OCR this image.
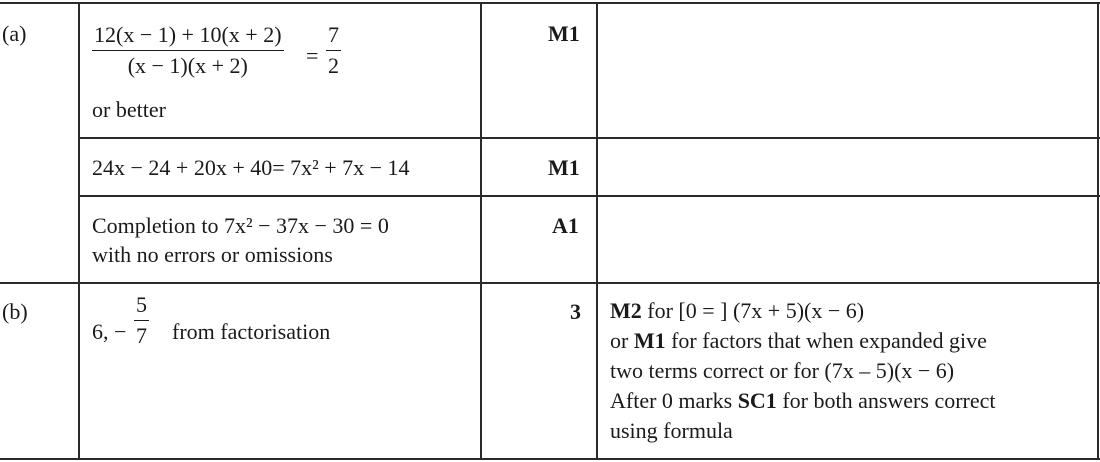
(a)	$\frac{12(x - 1) + 10(x + 2)}{(x - 1)(x + 2)} = \frac{7}{2}$
or better
M1
24x − 24 + 20x + 40= 7x² + 7x − 14	M1
Completion to 7x² − 37x − 30 = 0
with no errors or omissions
A1
(b)
6, − $\frac{5}{7}$ from factorisation
3 M2 for [0 = ] (7x + 5)(x − 6)
or M1 for factors that when expanded give
two terms correct or for (7x – 5)(x − 6)
After 0 marks SC1 for both answers correct
using formula
